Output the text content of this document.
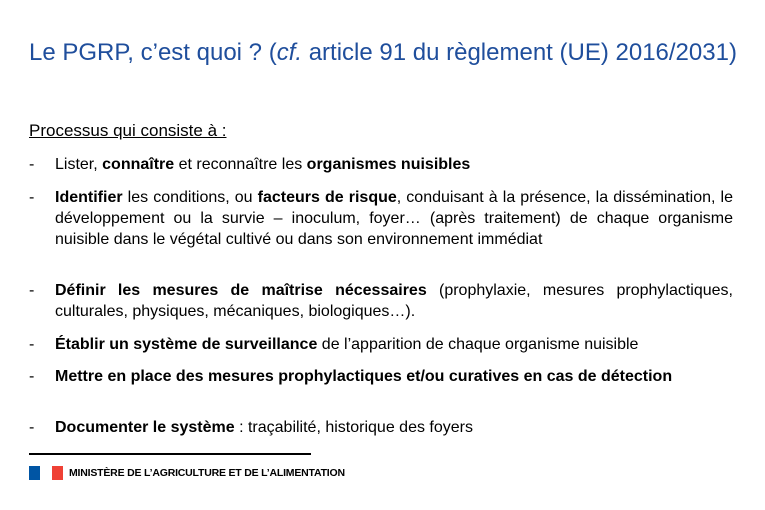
Le PGRP, c’est quoi ? (cf. article 91 du règlement (UE) 2016/2031)
Processus qui consiste à :
-	Lister, connaître et reconnaître les organismes nuisibles
-	Identifier les conditions, ou facteurs de risque, conduisant à la présence, la dissémination, le développement ou la survie – inoculum, foyer… (après traitement) de chaque organisme nuisible dans le végétal cultivé ou dans son environnement immédiat
-	Définir les mesures de maîtrise nécessaires (prophylaxie, mesures prophylactiques, culturales, physiques, mécaniques, biologiques…).
-	Établir un système de surveillance de l’apparition de chaque organisme nuisible
-	Mettre en place des mesures prophylactiques et/ou curatives en cas de détection
-	Documenter le système : traçabilité, historique des foyers
MINISTÈRE DE L’AGRICULTURE ET DE L’ALIMENTATION
